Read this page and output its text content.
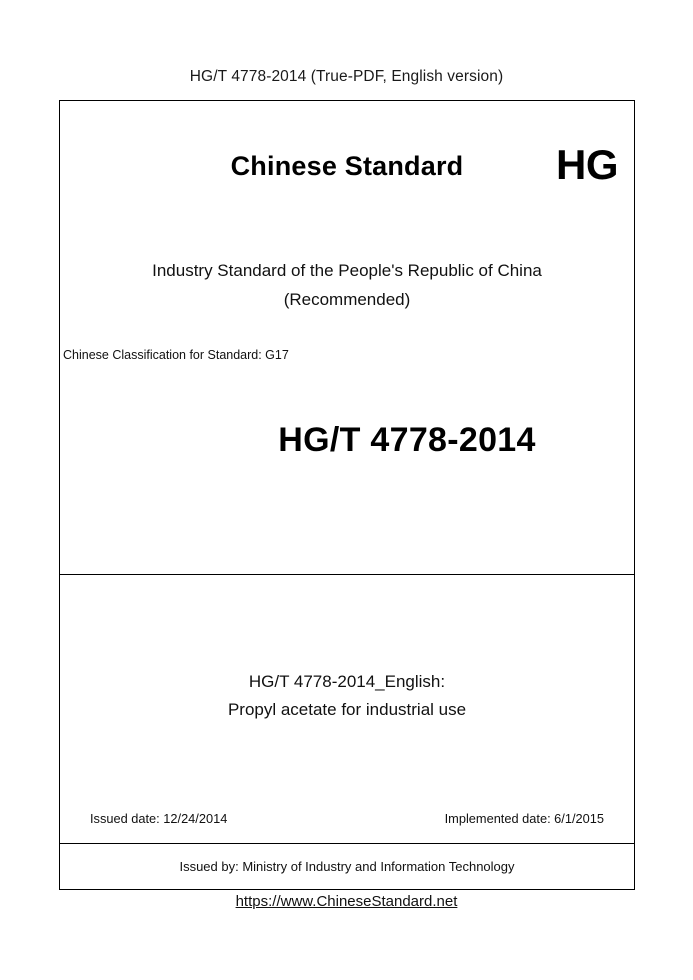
HG/T 4778-2014 (True-PDF, English version)
Chinese Standard	HG
Industry Standard of the People's Republic of China
(Recommended)
Chinese Classification for Standard: G17
HG/T 4778-2014
HG/T 4778-2014_English:
Propyl acetate for industrial use
Issued date: 12/24/2014	Implemented date: 6/1/2015
Issued by: Ministry of Industry and Information Technology
https://www.ChineseStandard.net
